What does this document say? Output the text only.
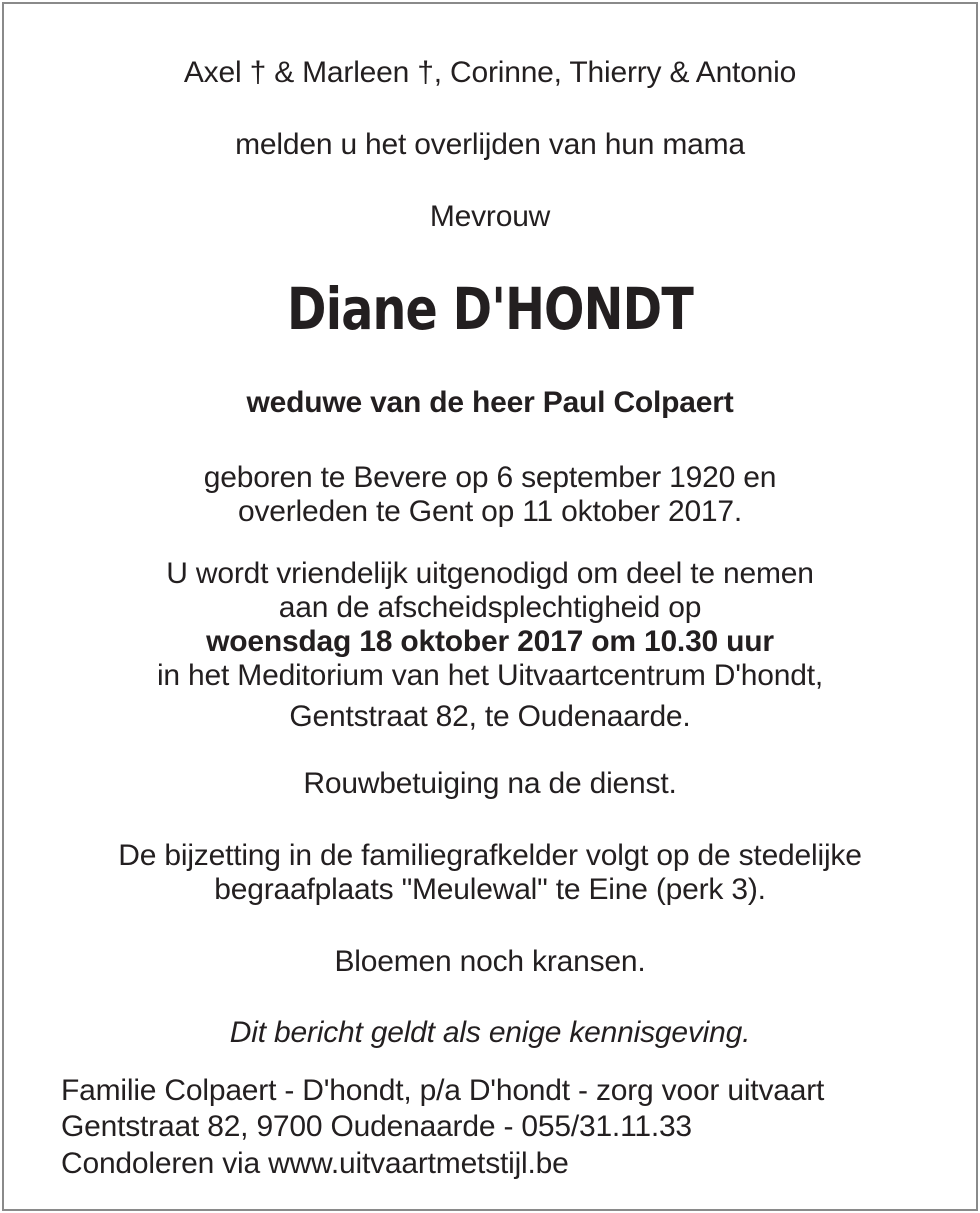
Axel † & Marleen †, Corinne, Thierry & Antonio
melden u het overlijden van hun mama
Mevrouw
Diane D'HONDT
weduwe van de heer Paul Colpaert
geboren te Bevere op 6 september 1920 en
overleden te Gent op 11 oktober 2017.
U wordt vriendelijk uitgenodigd om deel te nemen
aan de afscheidsplechtigheid op
woensdag 18 oktober 2017 om 10.30 uur
in het Meditorium van het Uitvaartcentrum D'hondt,
Gentstraat 82, te Oudenaarde.
Rouwbetuiging na de dienst.
De bijzetting in de familiegrafkelder volgt op de stedelijke
begraafplaats "Meulewal" te Eine (perk 3).
Bloemen noch kransen.
Dit bericht geldt als enige kennisgeving.
Familie Colpaert - D'hondt, p/a D'hondt - zorg voor uitvaart
Gentstraat 82, 9700 Oudenaarde - 055/31.11.33
Condoleren via www.uitvaartmetstijl.be
